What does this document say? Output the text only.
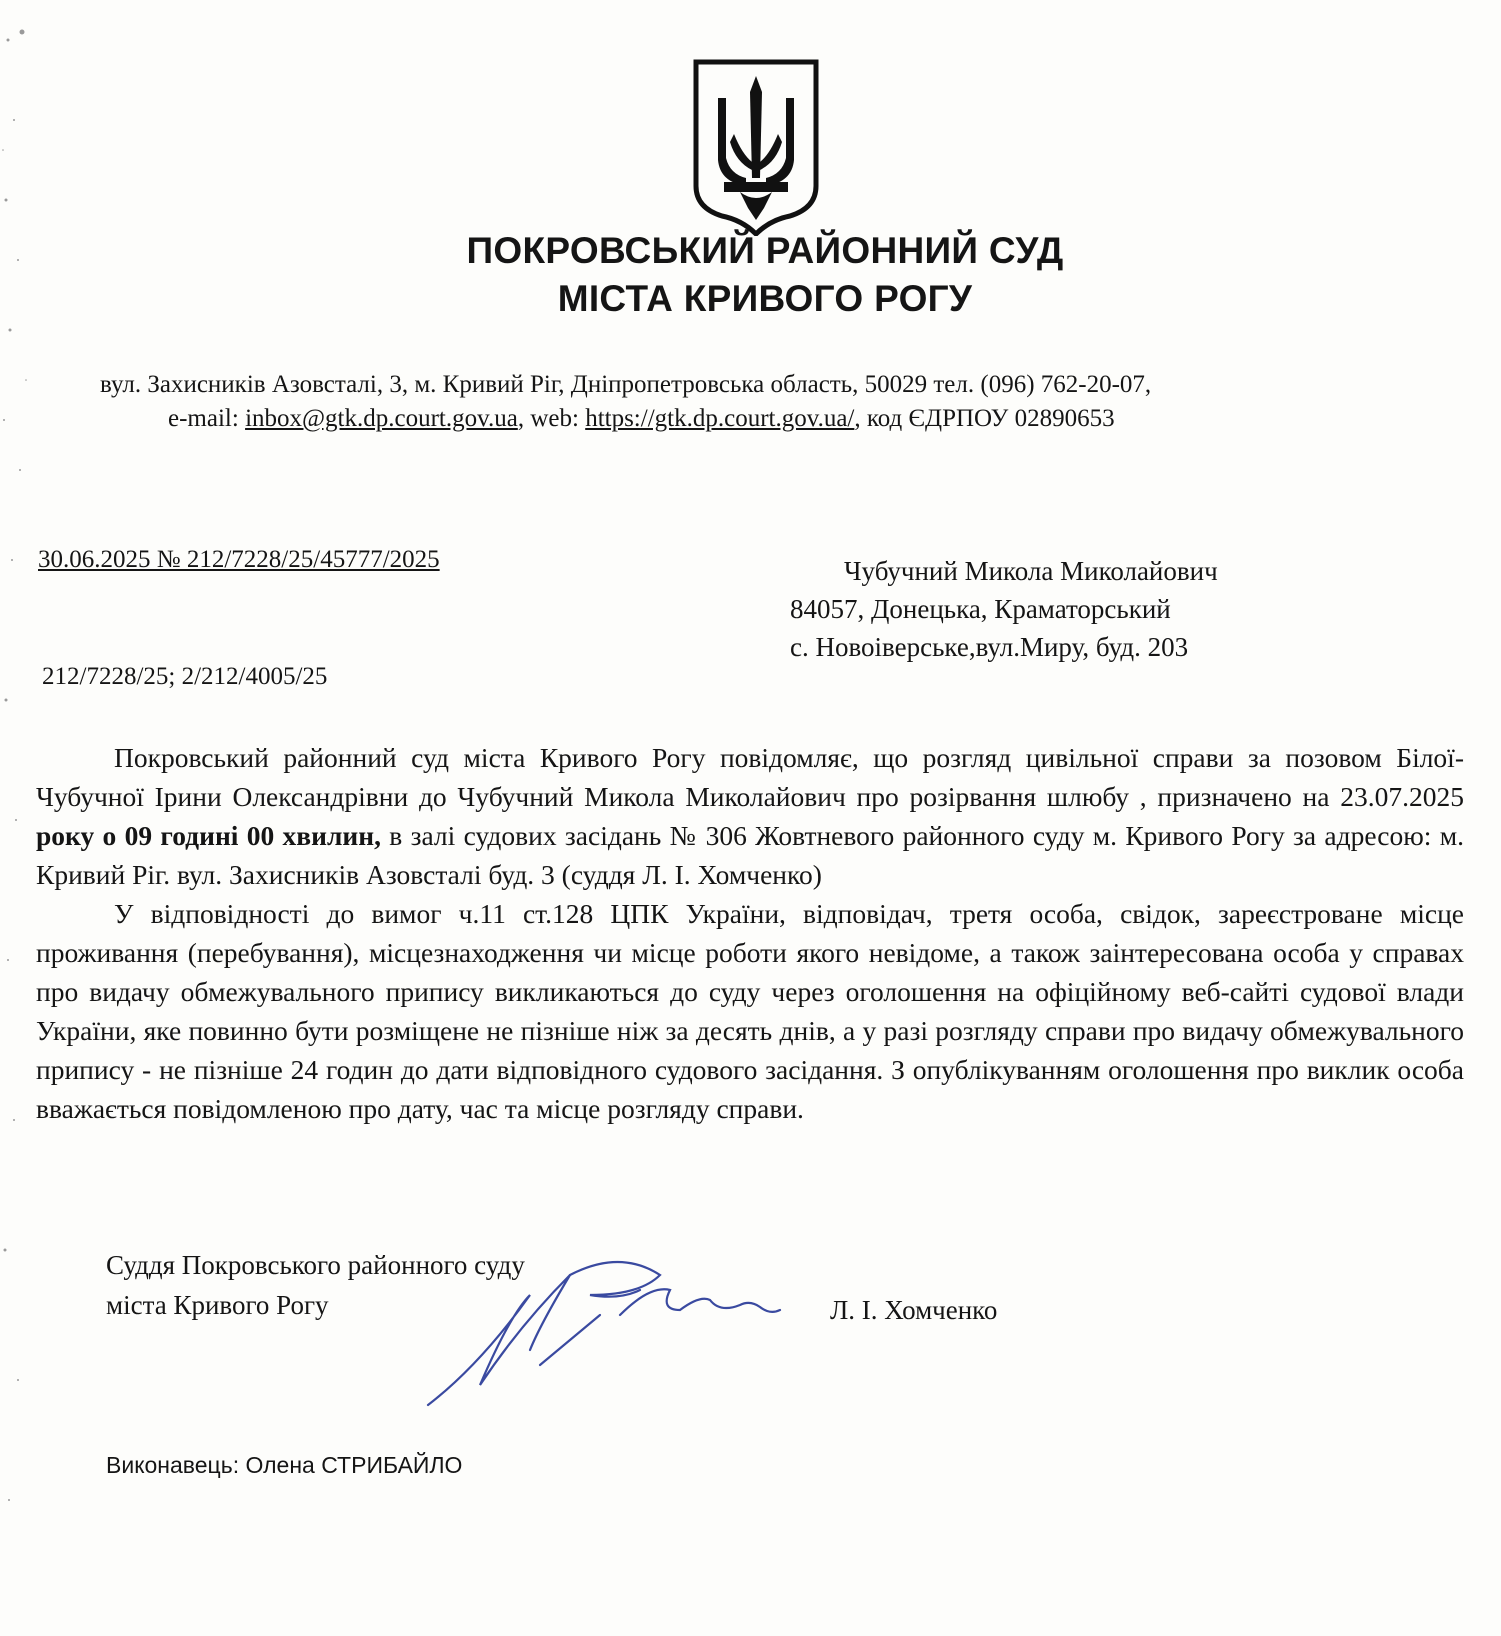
ПОКРОВСЬКИЙ РАЙОННИЙ СУД
МІСТА КРИВОГО РОГУ
вул. Захисників Азовсталі, 3, м. Кривий Ріг, Дніпропетровська область, 50029 тел. (096) 762-20-07,
e-mail: inbox@gtk.dp.court.gov.ua, web: https://gtk.dp.court.gov.ua/, код ЄДРПОУ 02890653
30.06.2025 № 212/7228/25/45777/2025
212/7228/25; 2/212/4005/25
Чубучний Микола Миколайович
84057, Донецька, Краматорський
с. Новоіверське,вул.Миру, буд. 203

Покровський районний суд міста Кривого Рогу повідомляє, що розгляд цивільної справи за позовом Білої-Чубучної Ірини Олександрівни до Чубучний Микола Миколайович про розірвання шлюбу , призначено на 23.07.2025 року о 09 годині 00 хвилин, в залі судових засідань № 306 Жовтневого районного суду м. Кривого Рогу за адресою: м. Кривий Ріг. вул. Захисників Азовсталі буд. 3 (суддя Л. І. Хомченко)

У відповідності до вимог ч.11 ст.128 ЦПК України, відповідач, третя особа, свідок, зареєстроване місце проживання (перебування), місцезнаходження чи місце роботи якого невідоме, а також заінтересована особа у справах про видачу обмежувального припису викликаються до суду через оголошення на офіційному веб-сайті судової влади України, яке повинно бути розміщене не пізніше ніж за десять днів, а у разі розгляду справи про видачу обмежувального припису - не пізніше 24 годин до дати відповідного судового засідання. З опублікуванням оголошення про виклик особа вважається повідомленою про дату, час та місце розгляду справи.

Суддя Покровського районного суду
міста Кривого Рогу	Л. І. Хомченко
Виконавець: Олена СТРИБАЙЛО
